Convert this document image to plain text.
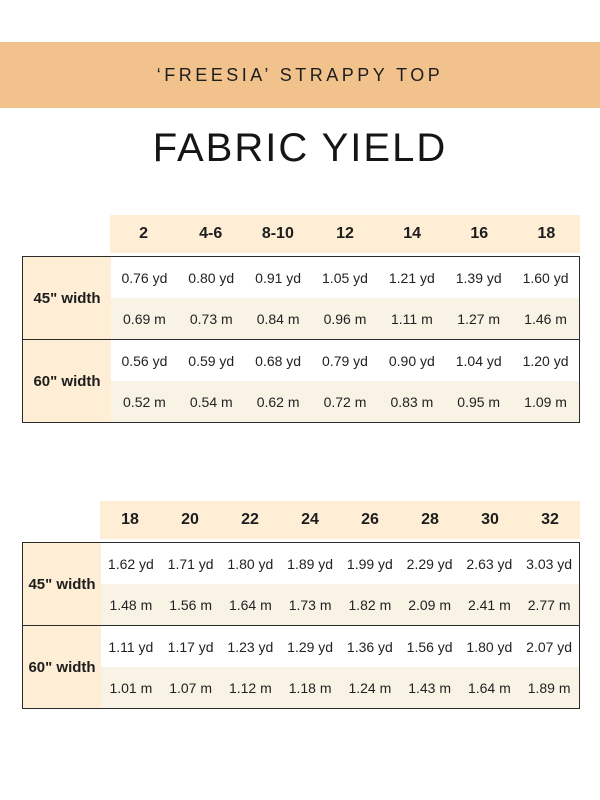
‘FREESIA’ STRAPPY TOP
FABRIC YIELD
2	4-6	8-10	12	14	16	18
45" width
0.76 yd	0.80 yd	0.91 yd	1.05 yd	1.21 yd	1.39 yd	1.60 yd
0.69 m	0.73 m	0.84 m	0.96 m	1.11 m	1.27 m	1.46 m
60" width
0.56 yd	0.59 yd	0.68 yd	0.79 yd	0.90 yd	1.04 yd	1.20 yd
0.52 m	0.54 m	0.62 m	0.72 m	0.83 m	0.95 m	1.09 m
18	20	22	24	26	28	30	32
45" width
1.62 yd 1.71 yd 1.80 yd 1.89 yd 1.99 yd 2.29 yd 2.63 yd 3.03 yd
1.48 m	1.56 m	1.64 m	1.73 m	1.82 m	2.09 m	2.41 m	2.77 m
60" width
1.11 yd	1.17 yd 1.23 yd 1.29 yd 1.36 yd 1.56 yd 1.80 yd 2.07 yd
1.01 m	1.07 m	1.12 m	1.18 m	1.24 m	1.43 m	1.64 m	1.89 m
